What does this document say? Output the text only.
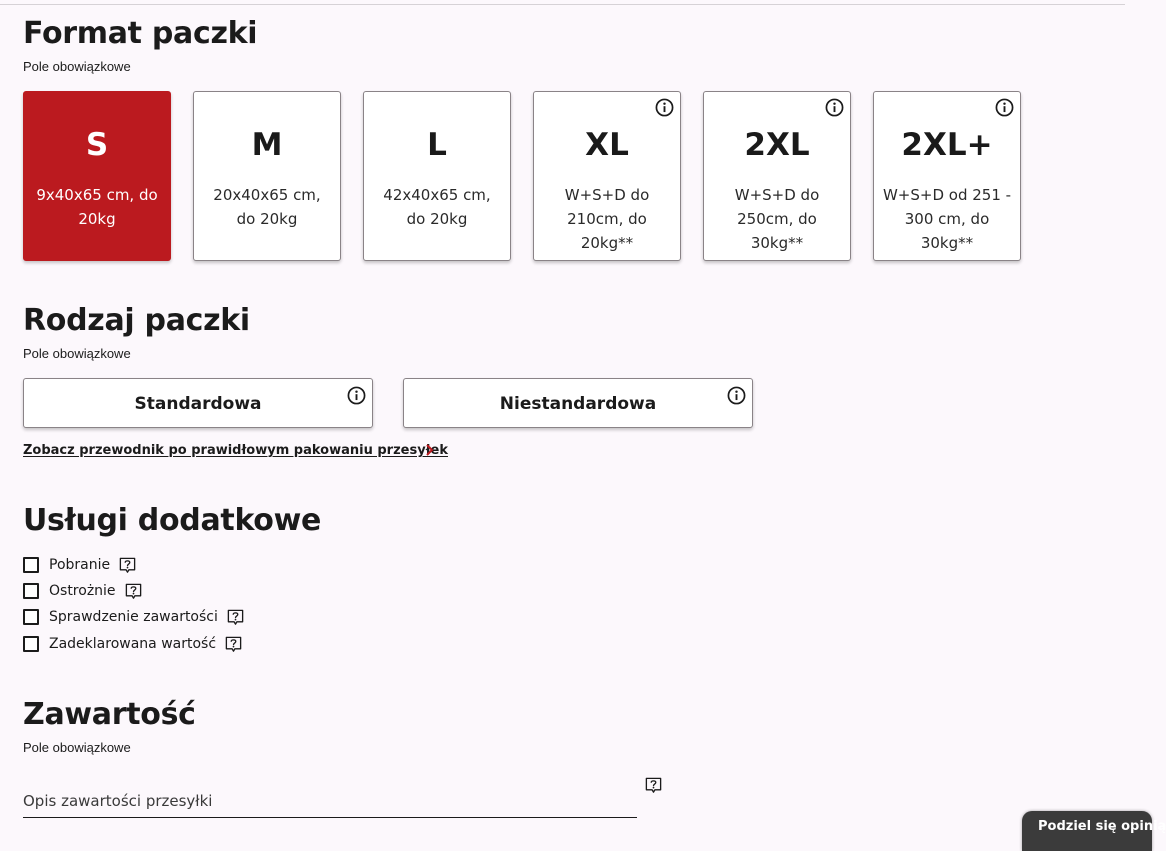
Format paczki
Pole obowiązkowe
S
9x40x65 cm, do 20kg
M
20x40x65 cm, do 20kg
L
42x40x65 cm, do 20kg
XL
W+S+D do 210cm, do 20kg**
2XL
W+S+D do 250cm, do 30kg**
2XL+
W+S+D od 251 - 300 cm, do 30kg**
Rodzaj paczki
Pole obowiązkowe
Standardowa	Niestandardowa
Zobacz przewodnik po prawidłowym pakowaniu przesyłek
Usługi dodatkowe
Pobranie
Ostrożnie
Sprawdzenie zawartości
Zadeklarowana wartość
Zawartość
Pole obowiązkowe
Opis zawartości przesyłki
Podziel się opinią
